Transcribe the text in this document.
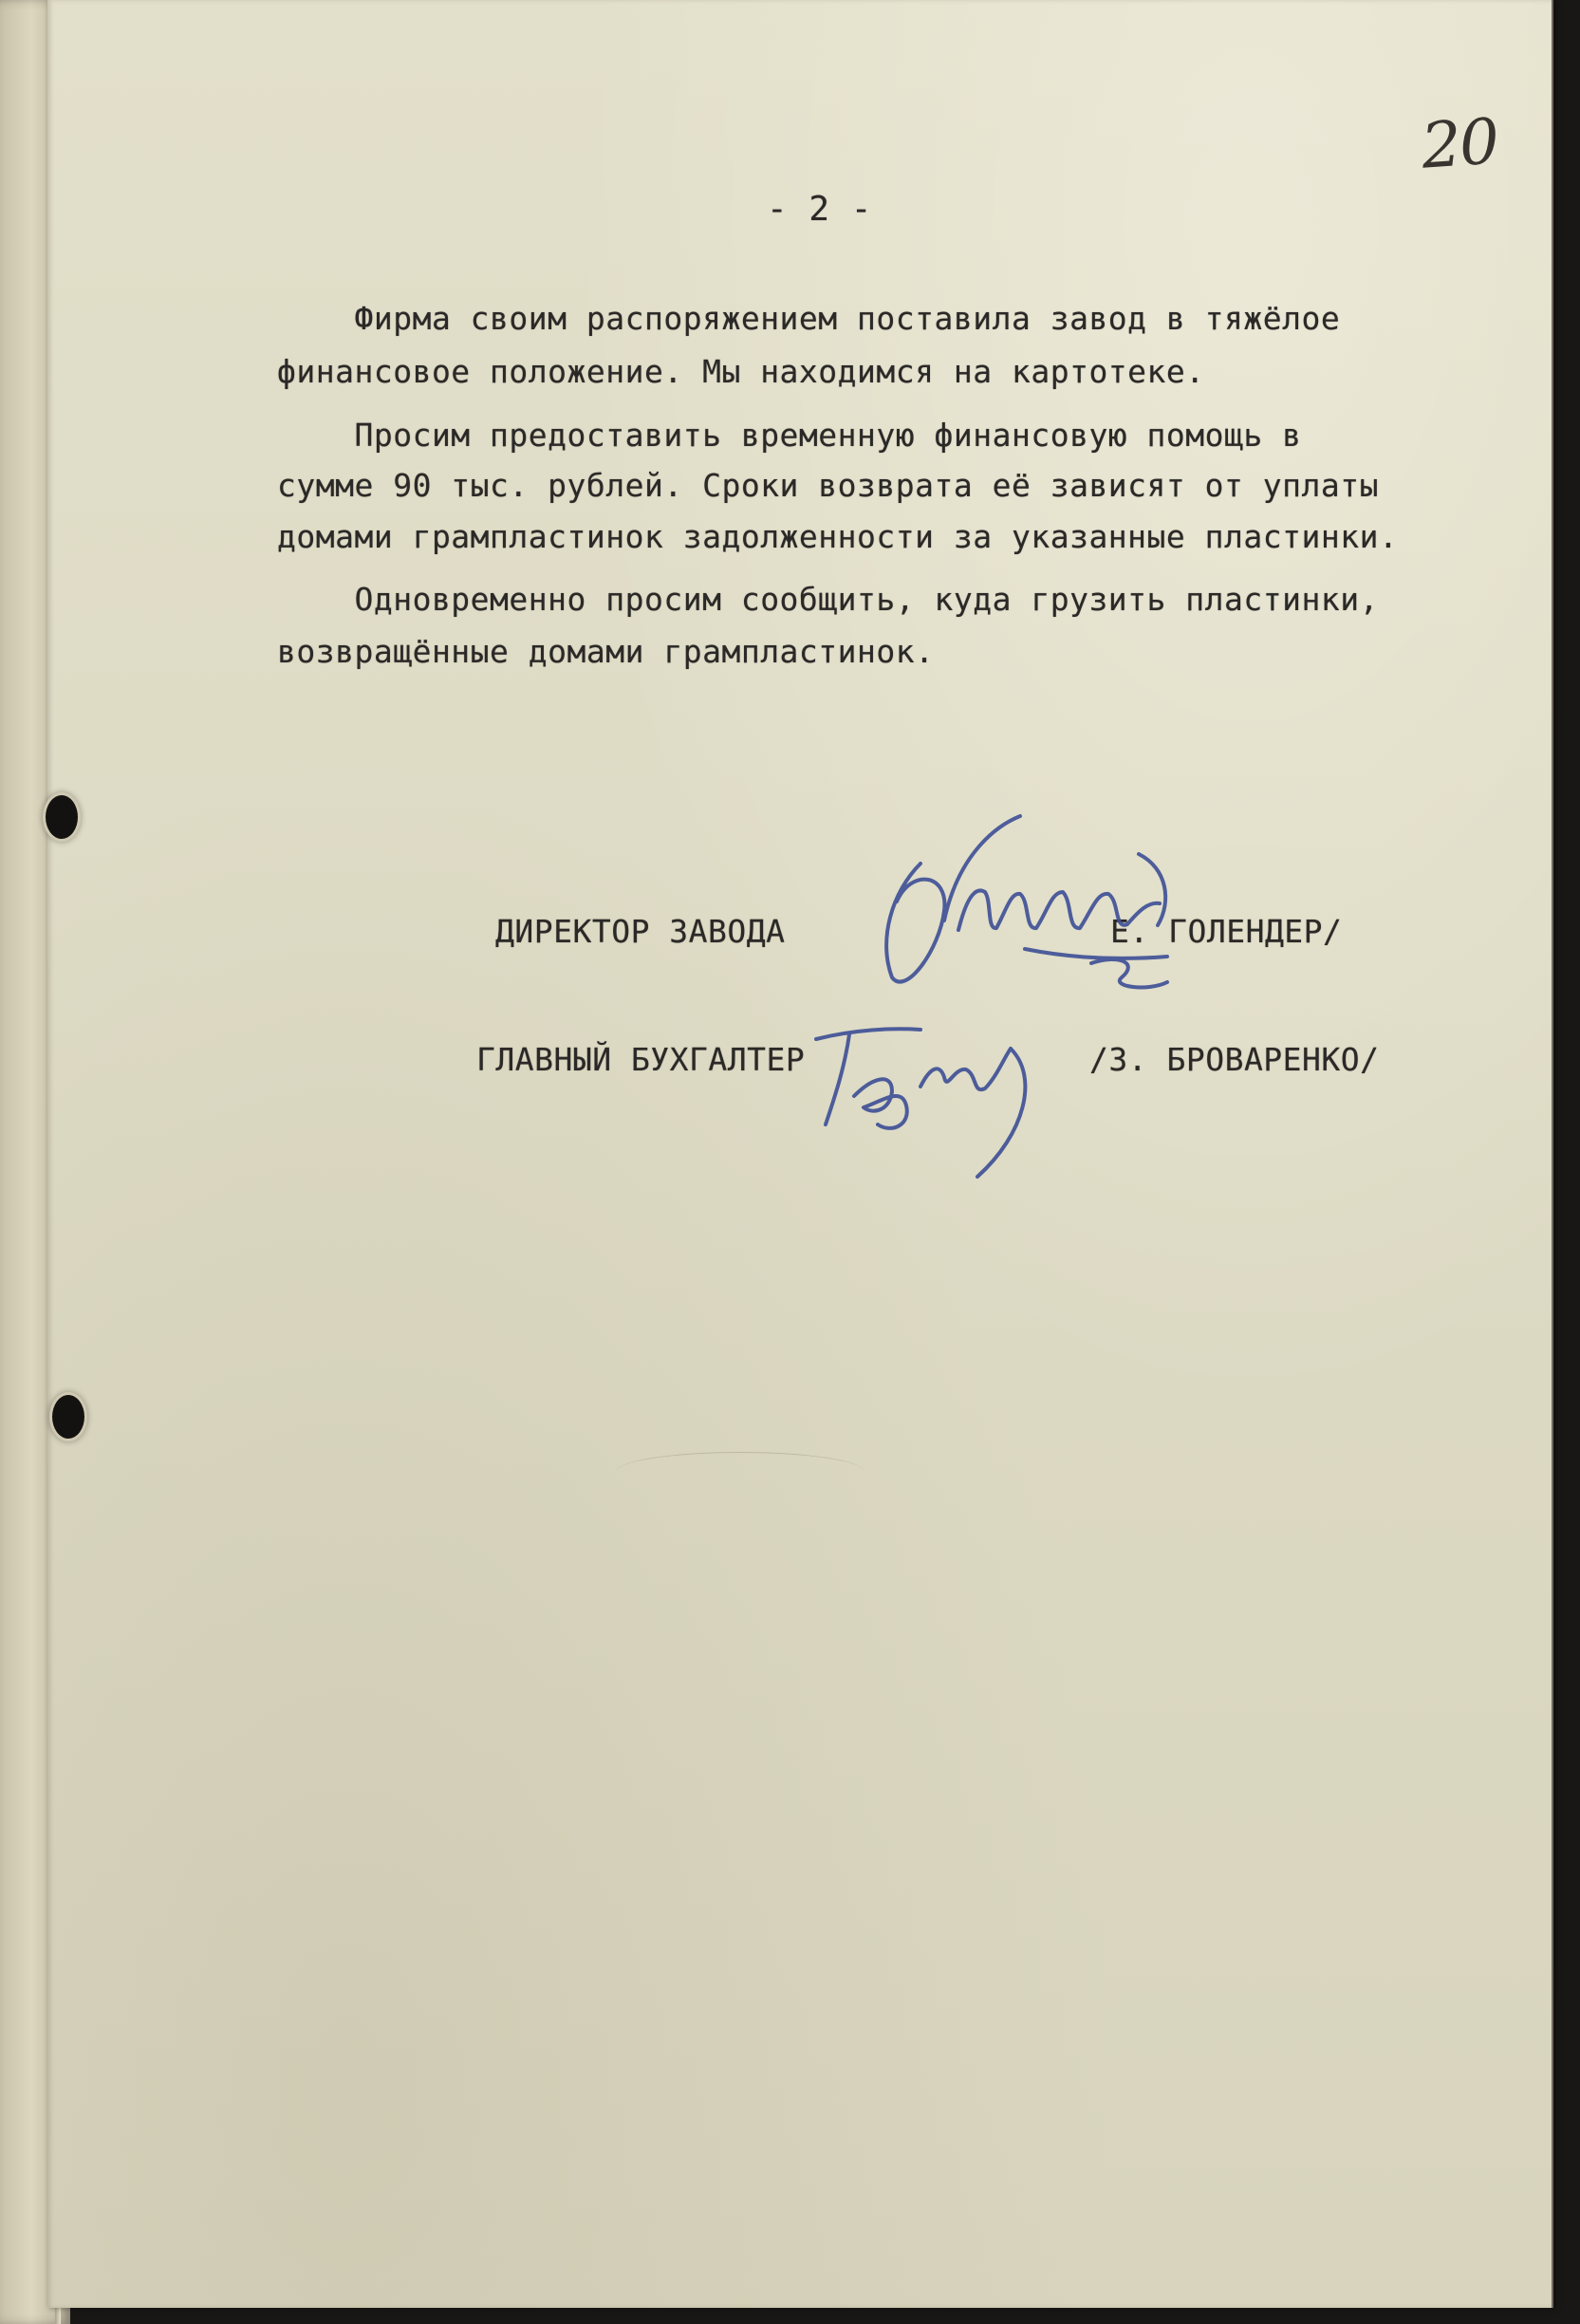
20

- 2 -

Фирма своим распоряжением поставила завод в тяжёлое

финансовое положение. Мы находимся на картотеке.

Просим предоставить временную финансовую помощь в

сумме 90 тыс. рублей. Сроки возврата её зависят от уплаты

домами грампластинок задолженности за указанные пластинки.

Одновременно просим сообщить, куда грузить пластинки,

возвращённые домами грампластинок.

ДИРЕКТОР ЗАВОДА	Е. ГОЛЕНДЕР/

ГЛАВНЫЙ БУХГАЛТЕР	/З. БРОВАРЕНКО/
